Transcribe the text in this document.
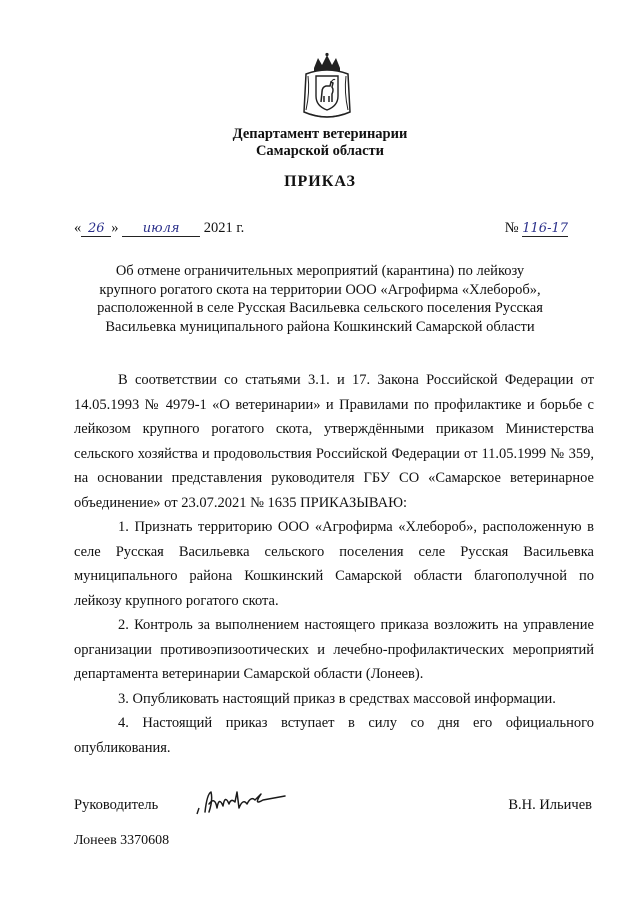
Департамент ветеринарии
Самарской области
ПРИКАЗ
« 26 » июля 2021 г.	№ 116-17
Об отмене ограничительных мероприятий (карантина) по лейкозу
крупного рогатого скота на территории ООО «Агрофирма «Хлебороб»,
расположенной в селе Русская Васильевка сельского поселения Русская
Васильевка муниципального района Кошкинский Самарской области

В соответствии со статьями 3.1. и 17. Закона Российской Федерации от 14.05.1993 № 4979-1 «О ветеринарии» и Правилами по профилактике и борьбе с лейкозом крупного рогатого скота, утверждёнными приказом Министерства сельского хозяйства и продовольствия Российской Федерации от 11.05.1999 № 359, на основании представления руководителя ГБУ СО «Самарское ветеринарное объединение» от 23.07.2021 № 1635 ПРИКАЗЫВАЮ:

1. Признать территорию ООО «Агрофирма «Хлебороб», расположенную в селе Русская Васильевка сельского поселения селе Русская Васильевка муниципального района Кошкинский Самарской области благополучной по лейкозу крупного рогатого скота.

2. Контроль за выполнением настоящего приказа возложить на управление организации противоэпизоотических и лечебно-профилактических мероприятий департамента ветеринарии Самарской области (Лонеев).

3. Опубликовать настоящий приказ в средствах массовой информации.

4. Настоящий приказ вступает в силу со дня его официального опубликования.

Руководитель	В.Н. Ильичев
Лонеев 3370608
